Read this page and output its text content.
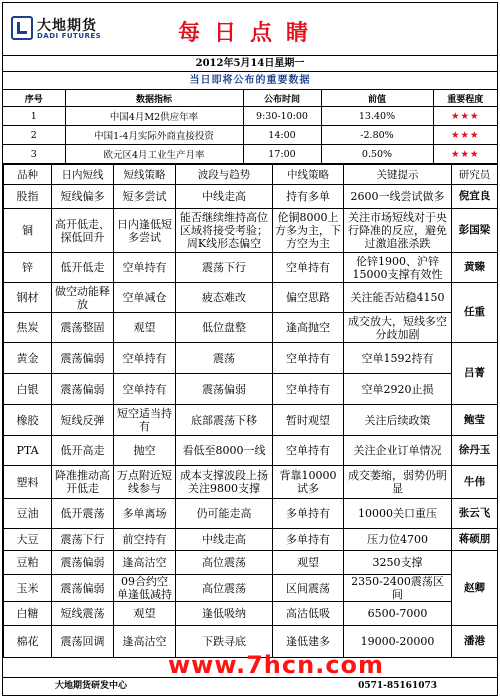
大地期货
DADI FUTURES	每日点睛
2012年5月14日星期一
当日即将公布的重要数据
序号	数据指标	公布时间	前值	重要程度
1	中国4月M2供应年率	9:30-10:00	13.40%	★★★
2	中国1-4月实际外商直接投资	14:00	-2.80%	★★★
3	欧元区4月工业生产月率	17:00	0.50%	★★★
品种	日内短线	短线策略	波段与趋势	中线策略	关键提示	研究员
股指	短线偏多	短多尝试	中线走高	持有多单	2600一线尝试做多	倪宜良
铜	高开低走、探低回升	日内逢低短多尝试	能否继续维持高位区域将接受考验；周K线形态偏空	伦铜8000上方多为主，下方空为主	关注市场短线对于央行降准的反应，避免过激追涨杀跌	彭国梁
锌	低开低走	空单持有	震荡下行	空单持有	伦锌1900、沪锌15000支撑有效性	黄臻
钢材	做空动能释放	空单减仓	疲态难改	偏空思路	关注能否站稳4150	任重
焦炭	震荡整固	观望	低位盘整	逢高抛空	成交放大，短线多空分歧加剧	
黄金	震荡偏弱	空单持有	震荡	空单持有	空单1592持有	吕菁
白银	震荡偏弱	空单持有	震荡偏弱	空单持有	空单2920止损	
橡胶	短线反弹	短空适当持有	底部震荡下移	暂时观望	关注后续政策	鲍莹
PTA	低开高走	抛空	看低至8000一线	空单持有	关注企业订单情况	徐丹玉
塑料	降准推动高开低走	万点附近短线参与	成本支撑波段上扬关注9800支撑	背靠10000试多	成交萎缩，弱势仍明显	牛伟
豆油	低开震荡	多单离场	仍可能走高	多单持有	10000关口重压	张云飞
大豆	震荡下行	前空持有	中线走高	多单持有	压力位4700	蒋硕朋
豆粕	震荡偏弱	逢高沽空	高位震荡	观望	3250支撑	赵卿
玉米	震荡偏弱	09合约空单逢低减持	高位震荡	区间震荡	2350-2400震荡区间	
白糖	短线震荡	观望	逢低吸纳	高沽低吸	6500-7000	
棉花	震荡回调	逢高沽空	下跌寻底	逢低建多	19000-20000	潘港
www.7hcn.com
大地期货研发中心	0571-85161073
